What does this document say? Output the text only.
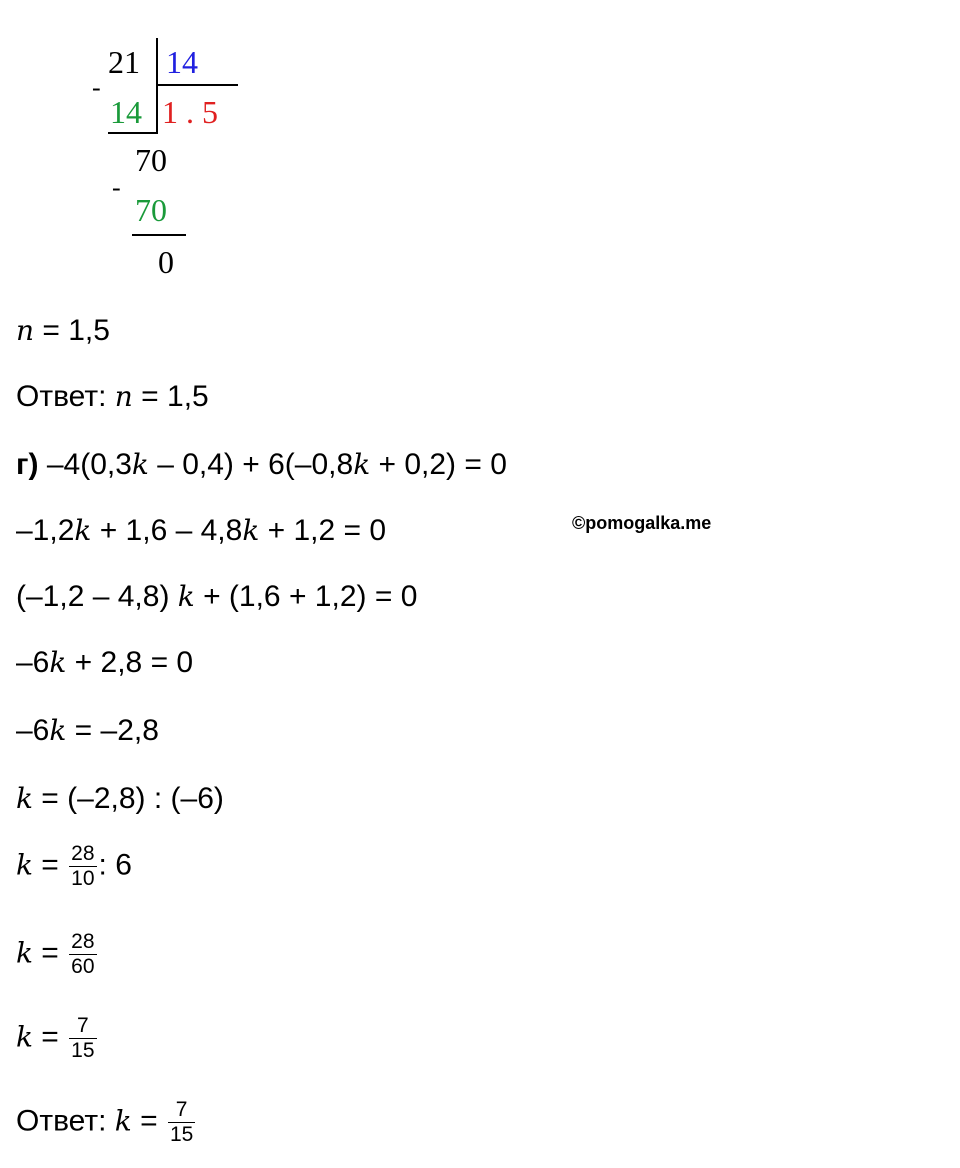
21 14
-
14 1 . 5
70
-
70
0
n = 1,5
Ответ: n = 1,5
г) –4(0,3k – 0,4) + 6(–0,8k + 0,2) = 0
–1,2k + 1,6 – 4,8k + 1,2 = 0	©pomogalka.me
(–1,2 – 4,8) k + (1,6 + 1,2) = 0
–6k + 2,8 = 0
–6k = –2,8
k = (–2,8) : (–6)
$k = \frac{28}{10}$ : 6
$k = \frac{28}{60}$
$k = \frac{7}{15}$
Ответ: $k = \frac{7}{15}$
